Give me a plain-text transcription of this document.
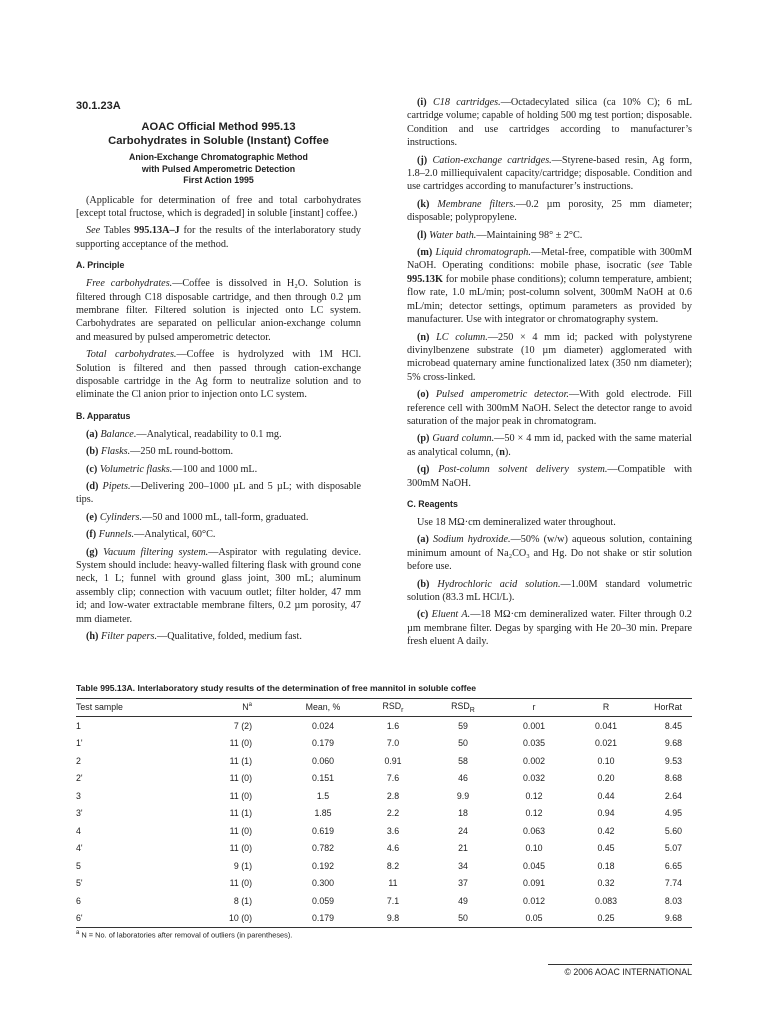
30.1.23A
AOAC Official Method 995.13
Carbohydrates in Soluble (Instant) Coffee
Anion-Exchange Chromatographic Method
with Pulsed Amperometric Detection
First Action 1995

(Applicable for determination of free and total carbohydrates [except total fructose, which is degraded] in soluble [instant] coffee.)

See Tables 995.13A–J for the results of the interlaboratory study supporting acceptance of the method.

A. Principle

Free carbohydrates.—Coffee is dissolved in H₂O. Solution is filtered through C18 disposable cartridge, and then through 0.2 µm membrane filter. Filtered solution is injected onto LC system. Carbohydrates are separated on pellicular anion-exchange column and measured by pulsed amperometric detector.

Total carbohydrates.—Coffee is hydrolyzed with 1M HCl. Solution is filtered and then passed through cation-exchange disposable cartridge in the Ag form to neutralize solution and to eliminate the Cl anion prior to injection onto LC system.

B. Apparatus

(a) Balance.—Analytical, readability to 0.1 mg.

(b) Flasks.—250 mL round-bottom.

(c) Volumetric flasks.—100 and 1000 mL.

(d) Pipets.—Delivering 200–1000 µL and 5 µL; with disposable tips.

(e) Cylinders.—50 and 1000 mL, tall-form, graduated.

(f) Funnels.—Analytical, 60°C.

(g) Vacuum filtering system.—Aspirator with regulating device. System should include: heavy-walled filtering flask with ground cone neck, 1 L; funnel with ground glass joint, 300 mL; aluminum assembly clip; connection with vacuum outlet; filter holder, 47 mm id; and low-water extractable membrane filters, 0.2 µm porosity, 47 mm diameter.

(h) Filter papers.—Qualitative, folded, medium fast.

(i) C18 cartridges.—Octadecylated silica (ca 10% C); 6 mL cartridge volume; capable of holding 500 mg test portion; disposable. Condition and use cartridges according to manufacturer’s instructions.

(j) Cation-exchange cartridges.—Styrene-based resin, Ag form, 1.8–2.0 milliequivalent capacity/cartridge; disposable. Condition and use cartridges according to manufacturer’s instructions.

(k) Membrane filters.—0.2 µm porosity, 25 mm diameter; disposable; polypropylene.

(l) Water bath.—Maintaining 98° ± 2°C.

(m) Liquid chromatograph.—Metal-free, compatible with 300mM NaOH. Operating conditions: mobile phase, isocratic (see Table 995.13K for mobile phase conditions); column temperature, ambient; flow rate, 1.0 mL/min; post-column solvent, 300mM NaOH at 0.6 mL/min; detector settings, optimum parameters as provided by manufacturer. Use with integrator or chromatography system.

(n) LC column.—250 × 4 mm id; packed with polystyrene divinylbenzene substrate (10 µm diameter) agglomerated with microbead quaternary amine functionalized latex (350 nm diameter); 5% cross-linked.

(o) Pulsed amperometric detector.—With gold electrode. Fill reference cell with 300mM NaOH. Select the detector range to avoid saturation of the major peak in chromatogram.

(p) Guard column.—50 × 4 mm id, packed with the same material as analytical column, (n).

(q) Post-column solvent delivery system.—Compatible with 300mM NaOH.

C. Reagents

Use 18 MΩ·cm demineralized water throughout.

(a) Sodium hydroxide.—50% (w/w) aqueous solution, containing minimum amount of Na₂CO₃ and Hg. Do not shake or stir solution before use.

(b) Hydrochloric acid solution.—1.00M standard volumetric solution (83.3 mL HCl/L).

(c) Eluent A.—18 MΩ·cm demineralized water. Filter through 0.2 µm membrane filter. Degas by sparging with He 20–30 min. Prepare fresh eluent A daily.

Table 995.13A. Interlaboratory study results of the determination of free mannitol in soluble coffee
Test sample	$N^a$	Mean, %	$RSD_r$	$RSD_R$	r	R	HorRat
1	7 (2)	0.024	1.6	59	0.001	0.041	8.45
1'	11 (0)	0.179	7.0	50	0.035	0.021	9.68
2	11 (1)	0.060	0.91	58	0.002	0.10	9.53
2'	11 (0)	0.151	7.6	46	0.032	0.20	8.68
3	11 (0)	1.5	2.8	9.9	0.12	0.44	2.64
3'	11 (1)	1.85	2.2	18	0.12	0.94	4.95
4	11 (0)	0.619	3.6	24	0.063	0.42	5.60
4'	11 (0)	0.782	4.6	21	0.10	0.45	5.07
5	9 (1)	0.192	8.2	34	0.045	0.18	6.65
5'	11 (0)	0.300	11	37	0.091	0.32	7.74
6	8 (1)	0.059	7.1	49	0.012	0.083	8.03
6'	10 (0)	0.179	9.8	50	0.05	0.25	9.68
$^a$ N = No. of laboratories after removal of outliers (in parentheses).
© 2006 AOAC INTERNATIONAL
